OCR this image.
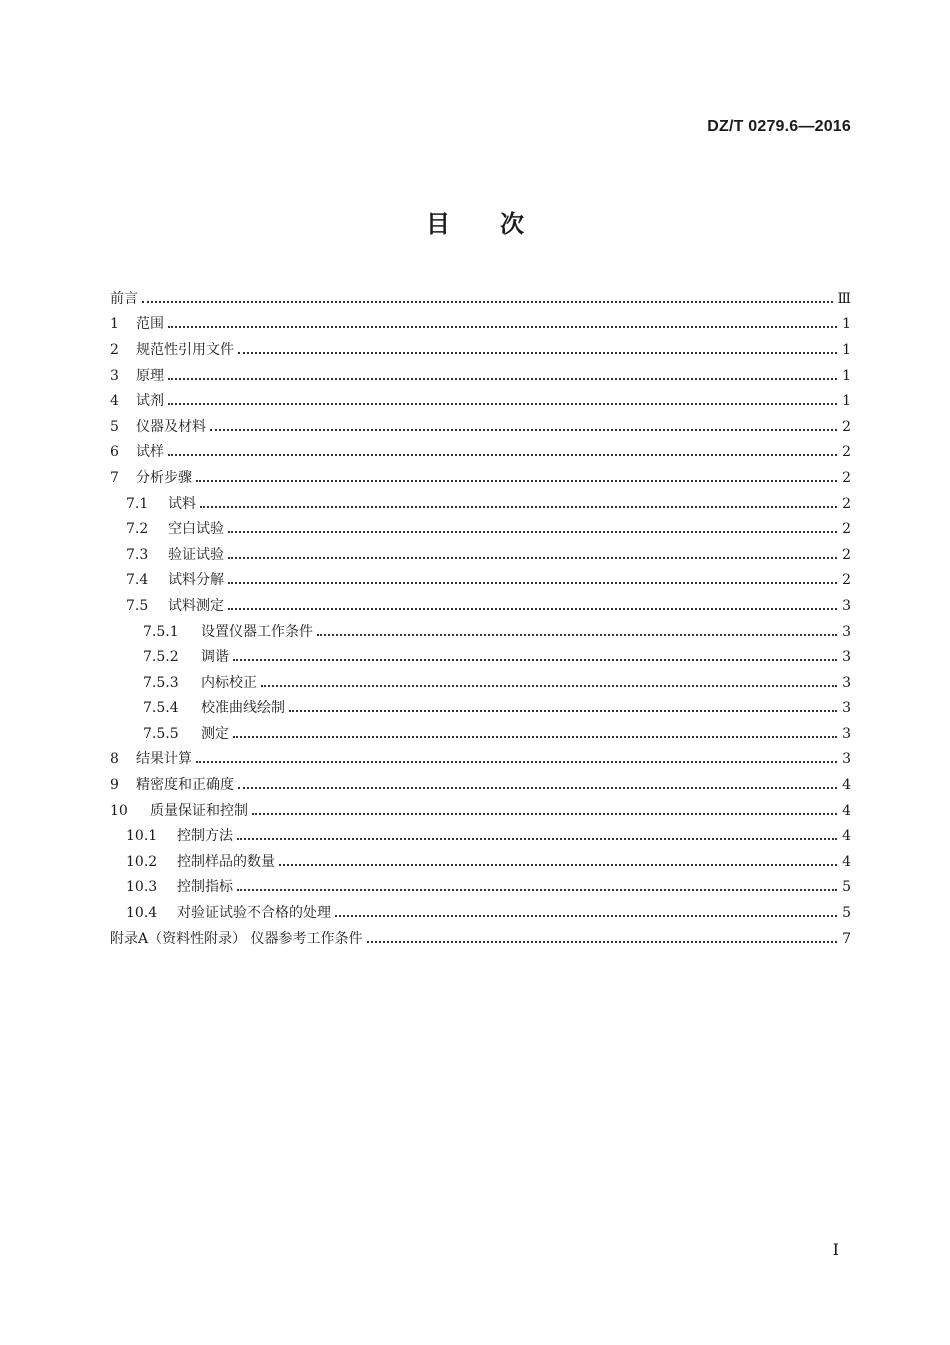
DZ/T 0279.6—2016
目 次
前言	Ⅲ
1	范围	1
2	规范性引用文件	1
3	原理	1
4	试剂	1
5	仪器及材料	2
6	试样	2
7	分析步骤	2
7.1	试料	2
7.2	空白试验	2
7.3	验证试验	2
7.4	试料分解	2
7.5	试料测定	3
7.5.1	设置仪器工作条件	3
7.5.2	调谐	3
7.5.3	内标校正	3
7.5.4	校准曲线绘制	3
7.5.5	测定	3
8	结果计算	3
9	精密度和正确度	4
10	质量保证和控制	4
10.1	控制方法	4
10.2	控制样品的数量	4
10.3	控制指标	5
10.4	对验证试验不合格的处理	5
附录A（资料性附录） 仪器参考工作条件	7
Ⅰ
